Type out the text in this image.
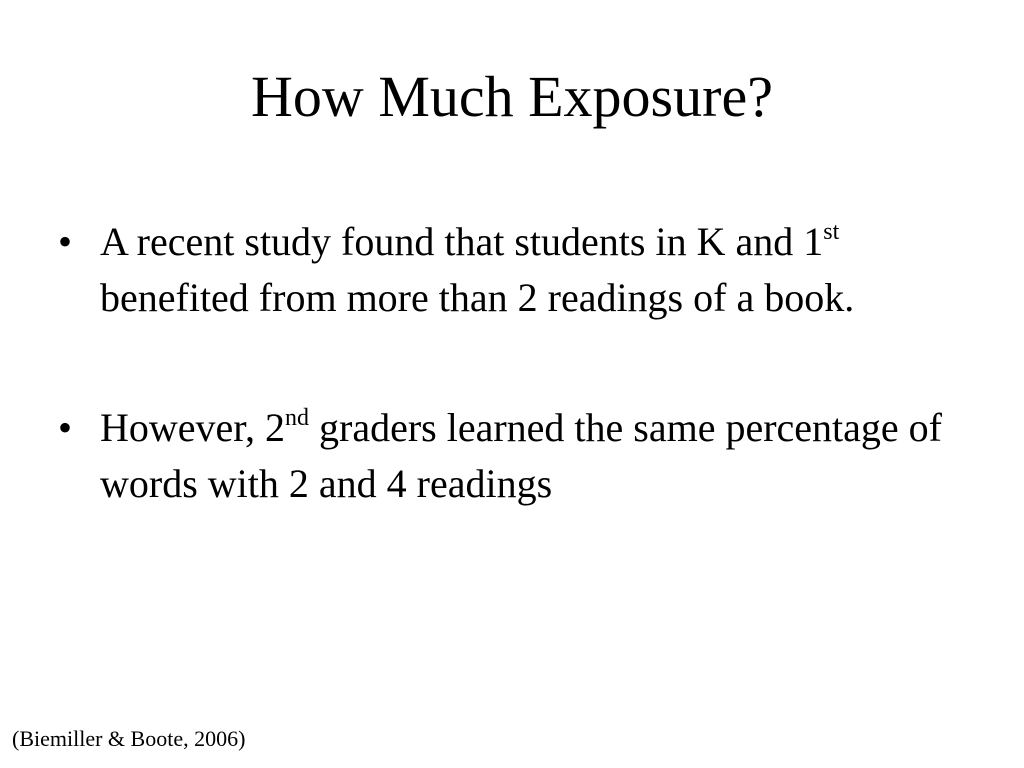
How Much Exposure?
• A recent study found that students in K and 1st
benefited from more than 2 readings of a book.
• However, 2nd graders learned the same percentage of words with 2 and 4 readings
(Biemiller & Boote, 2006)
